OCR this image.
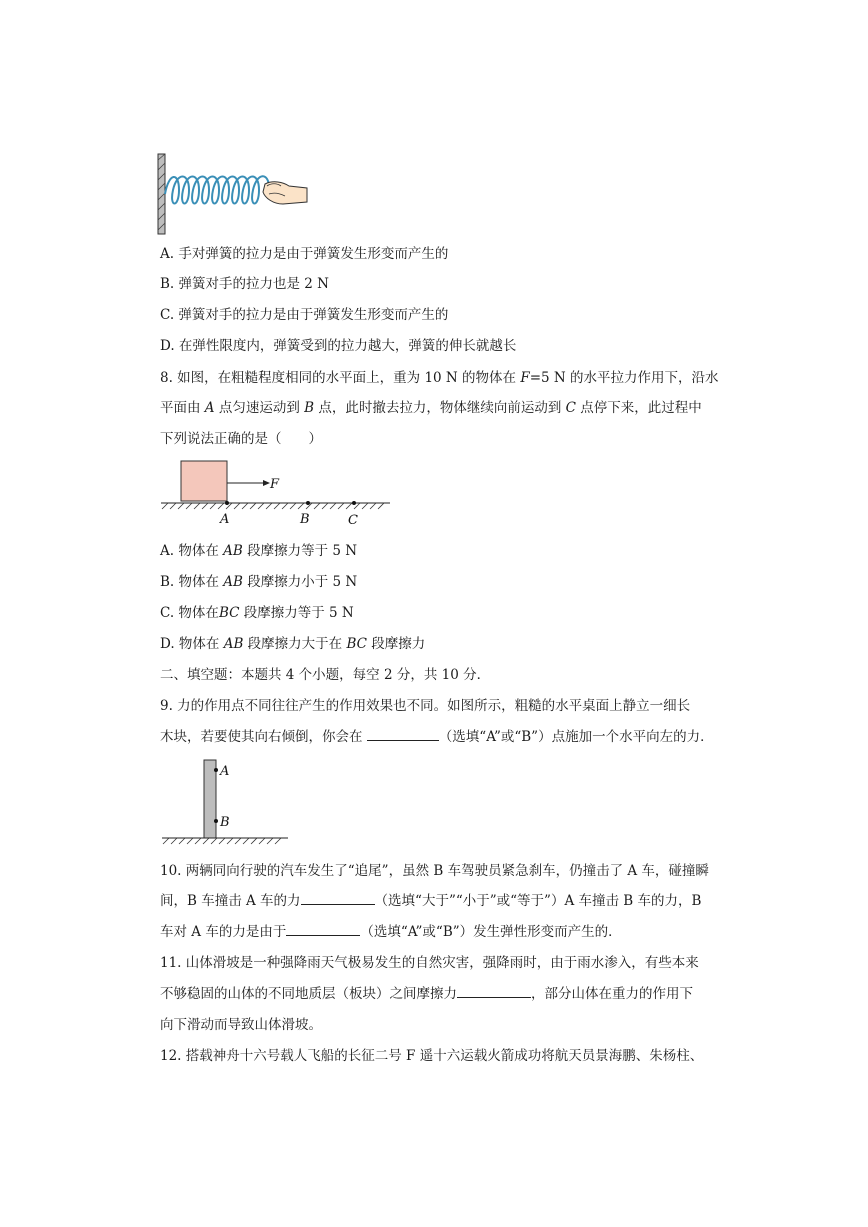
A. 手对弹簧的拉力是由于弹簧发生形变而产生的
B. 弹簧对手的拉力也是 2 N
C. 弹簧对手的拉力是由于弹簧发生形变而产生的
D. 在弹性限度内，弹簧受到的拉力越大，弹簧的伸长就越长
8. 如图，在粗糙程度相同的水平面上，重为 10 N 的物体在 F=5 N 的水平拉力作用下，沿水
平面由 A 点匀速运动到 B 点，此时撤去拉力，物体继续向前运动到 C 点停下来，此过程中
下列说法正确的是（　　）
F
A	B	C
A. 物体在 AB 段摩擦力等于 5 N
B. 物体在 AB 段摩擦力小于 5 N
C. 物体在BC 段摩擦力等于 5 N
D. 物体在 AB 段摩擦力大于在 BC 段摩擦力
二、填空题：本题共 4 个小题，每空 2 分，共 10 分．
9. 力的作用点不同往往产生的作用效果也不同。如图所示，粗糙的水平桌面上静立一细长
木块，若要使其向右倾倒，你会在	（选填“A”或“B”）点施加一个水平向左的力．
A
B
10. 两辆同向行驶的汽车发生了“追尾”，虽然 B 车驾驶员紧急刹车，仍撞击了 A 车，碰撞瞬
间，B 车撞击 A 车的力	（选填“大于”“小于”或“等于”）A 车撞击 B 车的力，B
车对 A 车的力是由于	（选填“A”或“B”）发生弹性形变而产生的．
11. 山体滑坡是一种强降雨天气极易发生的自然灾害，强降雨时，由于雨水渗入，有些本来
不够稳固的山体的不同地质层（板块）之间摩擦力	，部分山体在重力的作用下
向下滑动而导致山体滑坡。
12. 搭载神舟十六号载人飞船的长征二号 F 遥十六运载火箭成功将航天员景海鹏、朱杨柱、
